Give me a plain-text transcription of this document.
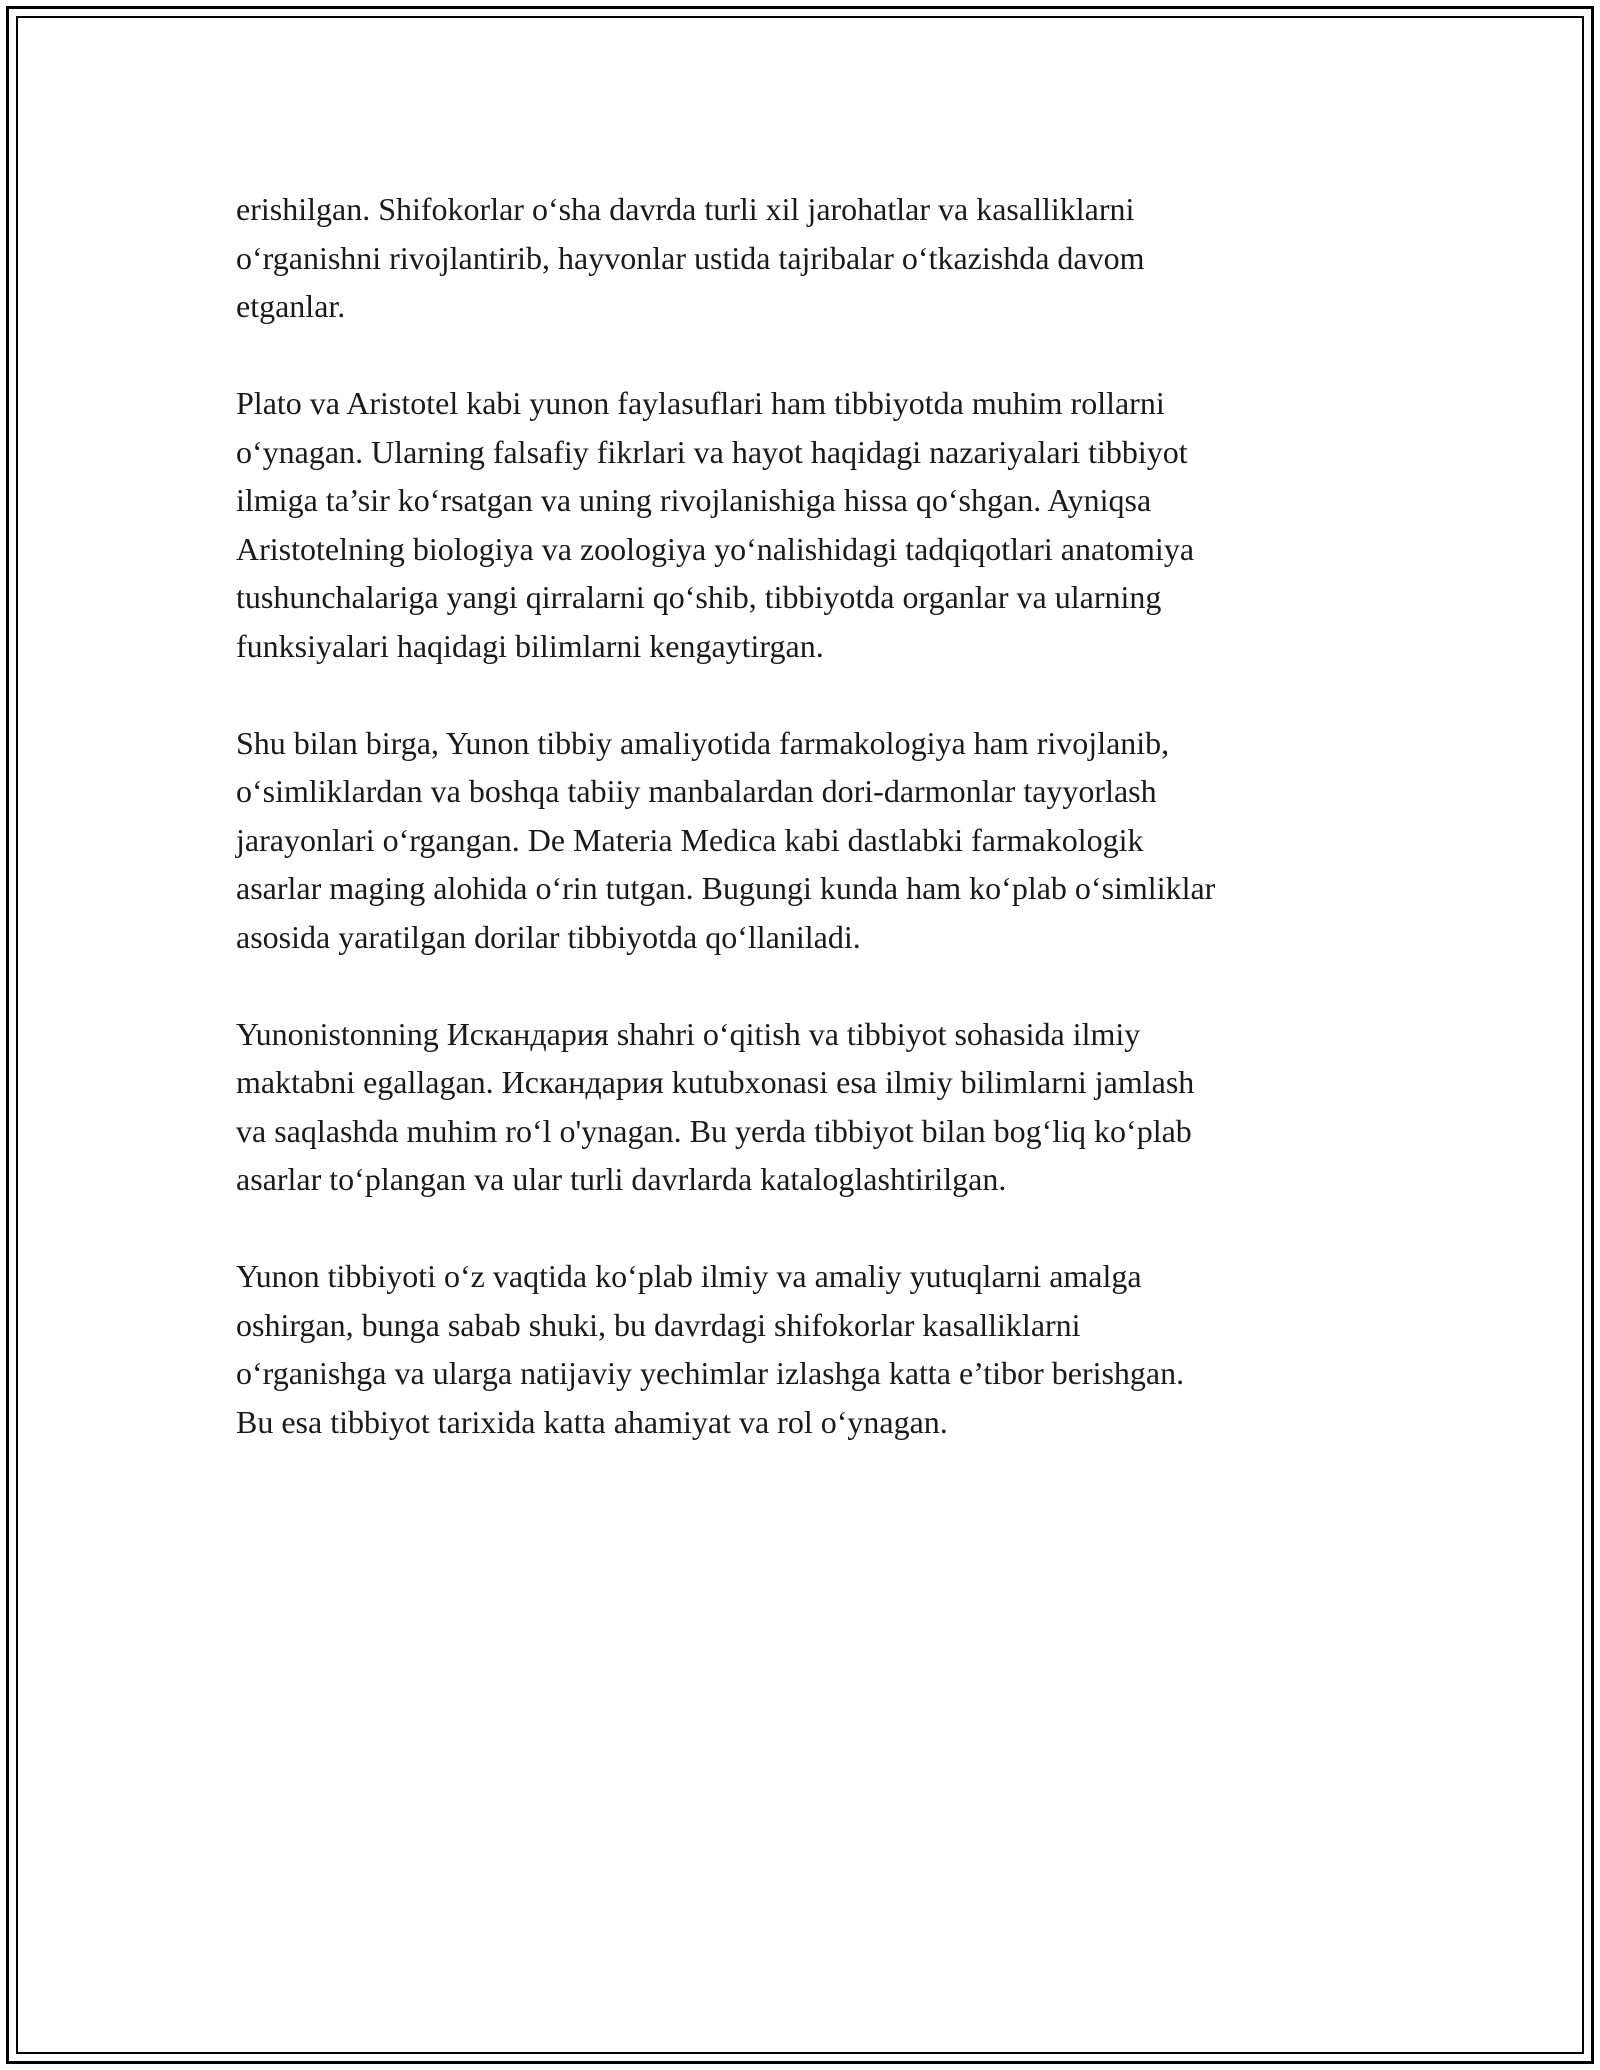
erishilgan. Shifokorlar o‘sha davrda turli xil jarohatlar va kasalliklarni
o‘rganishni rivojlantirib, hayvonlar ustida tajribalar o‘tkazishda davom
etganlar.

Plato va Aristotel kabi yunon faylasuflari ham tibbiyotda muhim rollarni
o‘ynagan. Ularning falsafiy fikrlari va hayot haqidagi nazariyalari tibbiyot
ilmiga ta’sir ko‘rsatgan va uning rivojlanishiga hissa qo‘shgan. Ayniqsa
Aristotelning biologiya va zoologiya yo‘nalishidagi tadqiqotlari anatomiya
tushunchalariga yangi qirralarni qo‘shib, tibbiyotda organlar va ularning
funksiyalari haqidagi bilimlarni kengaytirgan.

Shu bilan birga, Yunon tibbiy amaliyotida farmakologiya ham rivojlanib,
o‘simliklardan va boshqa tabiiy manbalardan dori-darmonlar tayyorlash
jarayonlari o‘rgangan. De Materia Medica kabi dastlabki farmakologik
asarlar maging alohida o‘rin tutgan. Bugungi kunda ham ko‘plab o‘simliklar
asosida yaratilgan dorilar tibbiyotda qo‘llaniladi.

Yunonistonning Искандария shahri o‘qitish va tibbiyot sohasida ilmiy
maktabni egallagan. Искандария kutubxonasi esa ilmiy bilimlarni jamlash
va saqlashda muhim ro‘l o'ynagan. Bu yerda tibbiyot bilan bog‘liq ko‘plab
asarlar to‘plangan va ular turli davrlarda kataloglashtirilgan.

Yunon tibbiyoti o‘z vaqtida ko‘plab ilmiy va amaliy yutuqlarni amalga
oshirgan, bunga sabab shuki, bu davrdagi shifokorlar kasalliklarni
o‘rganishga va ularga natijaviy yechimlar izlashga katta e’tibor berishgan.
Bu esa tibbiyot tarixida katta ahamiyat va rol o‘ynagan.
